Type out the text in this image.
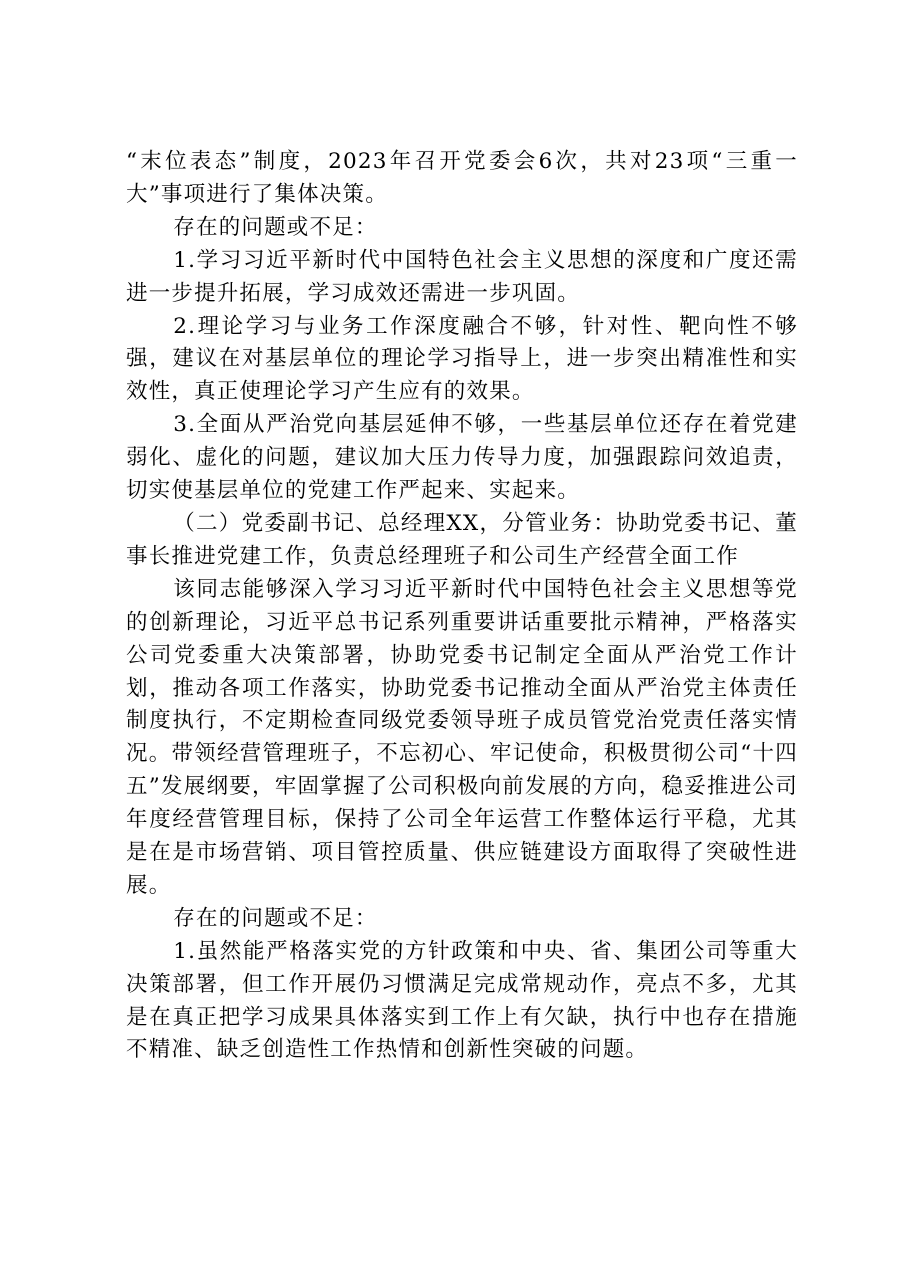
“末位表态”制度，2023年召开党委会6次，共对23项“三重一大”事项进行了集体决策。

存在的问题或不足：

1.学习习近平新时代中国特色社会主义思想的深度和广度还需进一步提升拓展，学习成效还需进一步巩固。

2.理论学习与业务工作深度融合不够，针对性、靶向性不够强，建议在对基层单位的理论学习指导上，进一步突出精准性和实效性，真正使理论学习产生应有的效果。

3.全面从严治党向基层延伸不够，一些基层单位还存在着党建弱化、虚化的问题，建议加大压力传导力度，加强跟踪问效追责，切实使基层单位的党建工作严起来、实起来。

（二）党委副书记、总经理XX，分管业务：协助党委书记、董事长推进党建工作，负责总经理班子和公司生产经营全面工作

该同志能够深入学习习近平新时代中国特色社会主义思想等党的创新理论，习近平总书记系列重要讲话重要批示精神，严格落实公司党委重大决策部署，协助党委书记制定全面从严治党工作计划，推动各项工作落实，协助党委书记推动全面从严治党主体责任制度执行，不定期检查同级党委领导班子成员管党治党责任落实情况。带领经营管理班子，不忘初心、牢记使命，积极贯彻公司“十四五”发展纲要，牢固掌握了公司积极向前发展的方向，稳妥推进公司年度经营管理目标，保持了公司全年运营工作整体运行平稳，尤其是在是市场营销、项目管控质量、供应链建设方面取得了突破性进展。

存在的问题或不足：

1.虽然能严格落实党的方针政策和中央、省、集团公司等重大决策部署，但工作开展仍习惯满足完成常规动作，亮点不多，尤其是在真正把学习成果具体落实到工作上有欠缺，执行中也存在措施不精准、缺乏创造性工作热情和创新性突破的问题。
